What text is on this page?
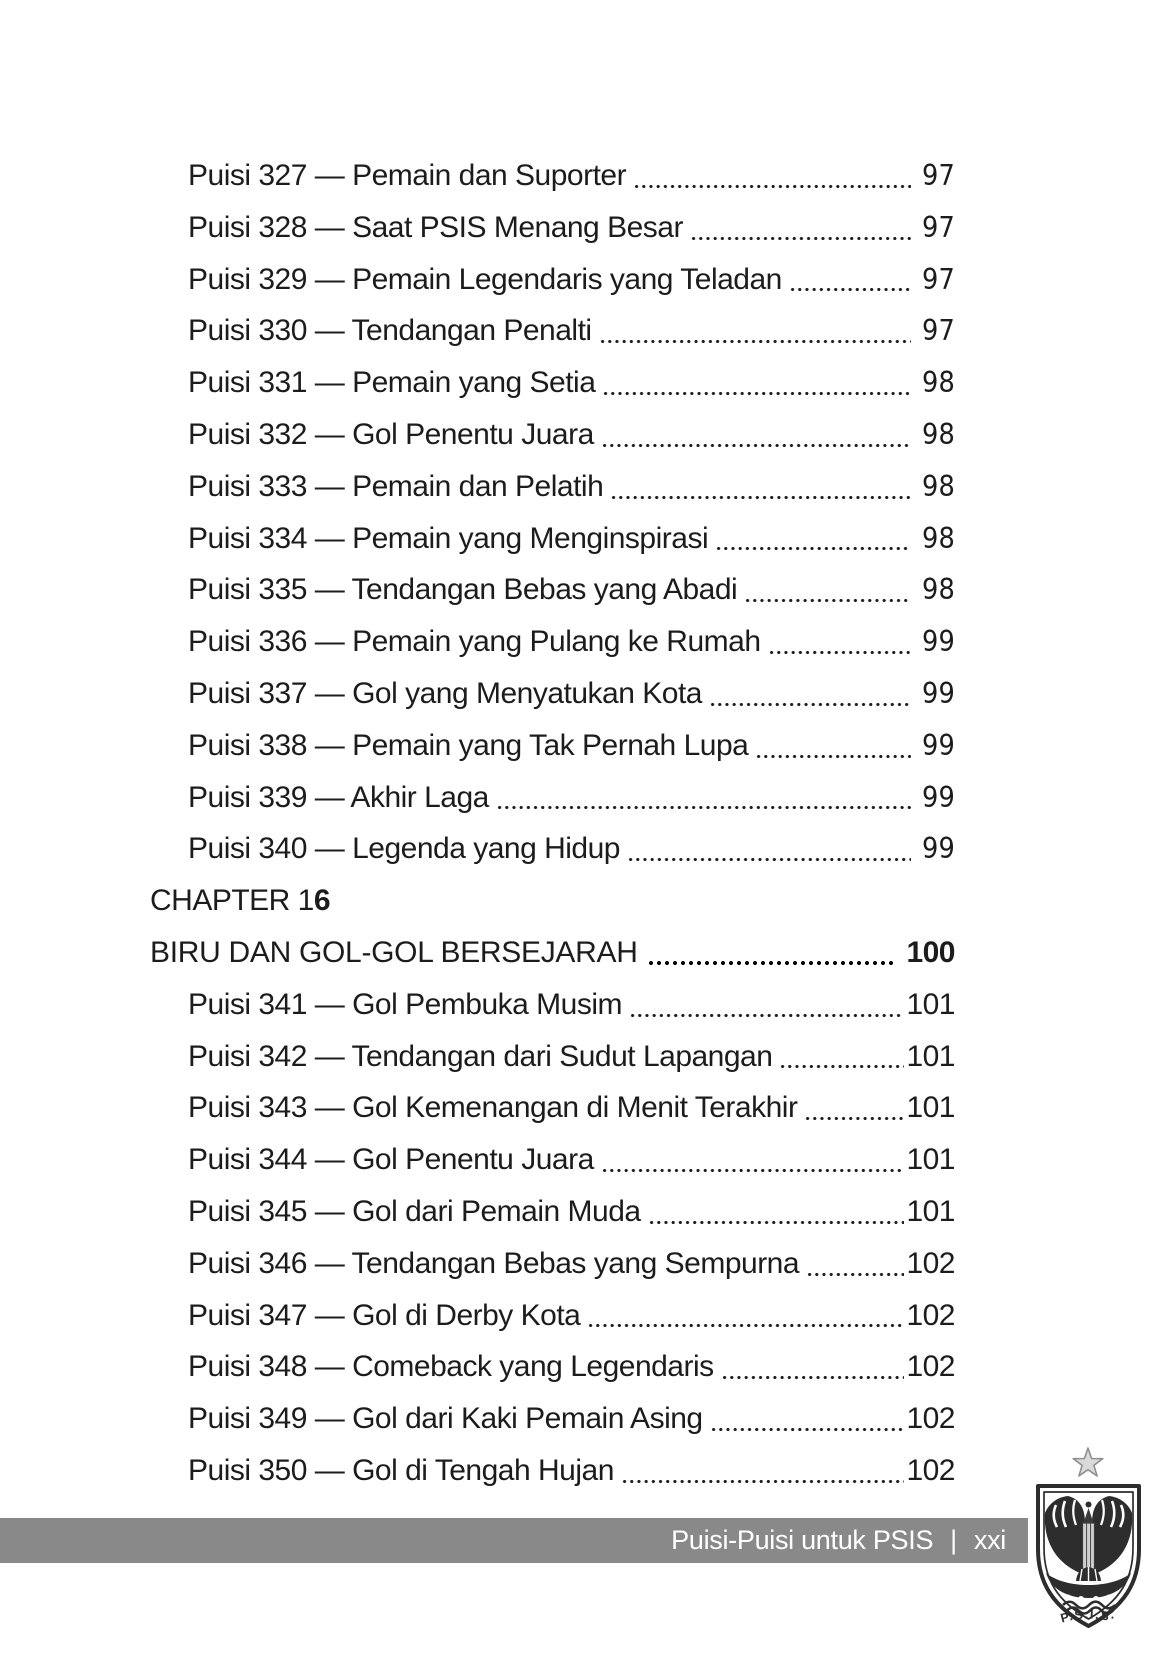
Puisi 327 — Pemain dan Suporter	97
Puisi 328 — Saat PSIS Menang Besar	97
Puisi 329 — Pemain Legendaris yang Teladan	97
Puisi 330 — Tendangan Penalti	97
Puisi 331 — Pemain yang Setia	98
Puisi 332 — Gol Penentu Juara	98
Puisi 333 — Pemain dan Pelatih	98
Puisi 334 — Pemain yang Menginspirasi	98
Puisi 335 — Tendangan Bebas yang Abadi	98
Puisi 336 — Pemain yang Pulang ke Rumah	99
Puisi 337 — Gol yang Menyatukan Kota	99
Puisi 338 — Pemain yang Tak Pernah Lupa	99
Puisi 339 — Akhir Laga	99
Puisi 340 — Legenda yang Hidup	99
CHAPTER 1 6
BIRU DAN GOL-GOL BERSEJARAH	100
Puisi 341 — Gol Pembuka Musim	101
Puisi 342 — Tendangan dari Sudut Lapangan	101
Puisi 343 — Gol Kemenangan di Menit Terakhir	101
Puisi 344 — Gol Penentu Juara	101
Puisi 345 — Gol dari Pemain Muda	101
Puisi 346 — Tendangan Bebas yang Sempurna	102
Puisi 347 — Gol di Derby Kota	102
Puisi 348 — Comeback yang Legendaris	102
Puisi 349 — Gol dari Kaki Pemain Asing	102
Puisi 350 — Gol di Tengah Hujan	102
Puisi-Puisi untuk PSIS | xxi
P.S.I.S·
